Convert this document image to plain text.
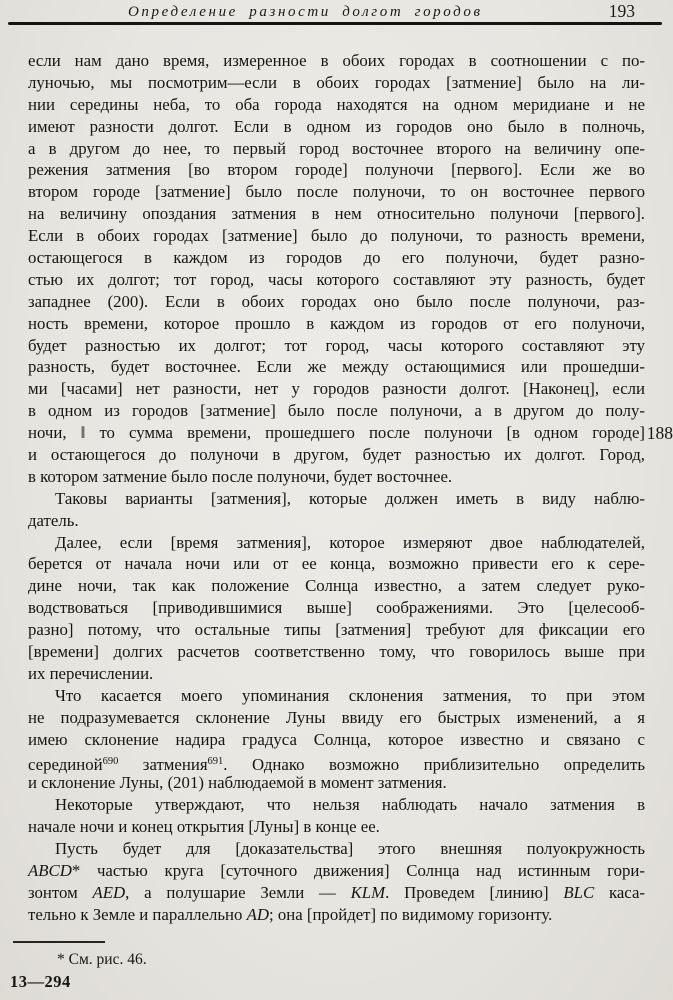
Определение разности долгот городов	193
если нам дано время, измеренное в обоих городах в соотношении с по-
луночью, мы посмотрим—если в обоих городах [затмение] было на ли-
нии середины неба, то оба города находятся на одном меридиане и не
имеют разности долгот. Если в одном из городов оно было в полночь,
а в другом до нее, то первый город восточнее второго на величину опе-
режения затмения [во втором городе] полуночи [первого]. Если же во
втором городе [затмение] было после полуночи, то он восточнее первого
на величину опоздания затмения в нем относительно полуночи [первого].
Если в обоих городах [затмение] было до полуночи, то разность времени,
остающегося в каждом из городов до его полуночи, будет разно-
стью их долгот; тот город, часы которого составляют эту разность, будет
западнее (200). Если в обоих городах оно было после полуночи, раз-
ность времени, которое прошло в каждом из городов от его полуночи,
будет разностью их долгот; тот город, часы которого составляют эту
разность, будет восточнее. Если же между остающимися или прошедши-
ми [часами] нет разности, нет у городов разности долгот. [Наконец], если
в одном из городов [затмение] было после полуночи, а в другом до полу-
ночи, ‖ то сумма времени, прошедшего после полуночи [в одном городе] 188
и остающегося до полуночи в другом, будет разностью их долгот. Город,
в котором затмение было после полуночи, будет восточнее.
Таковы варианты [затмения], которые должен иметь в виду наблю-
датель.
Далее, если [время затмения], которое измеряют двое наблюдателей,
берется от начала ночи или от ее конца, возможно привести его к сере-
дине ночи, так как положение Солнца известно, а затем следует руко-
водствоваться [приводившимися выше] соображениями. Это [целесооб-
разно] потому, что остальные типы [затмения] требуют для фиксации его
[времени] долгих расчетов соответственно тому, что говорилось выше при
их перечислении.
Что касается моего упоминания склонения затмения, то при этом
не подразумевается склонение Луны ввиду его быстрых изменений, а я
имею склонение надира градуса Солнца, которое известно и связано с
серединой$^{690}$ затмения$^{691}$. Однако возможно приблизительно определить
и склонение Луны, (201) наблюдаемой в момент затмения.
Некоторые утверждают, что нельзя наблюдать начало затмения в
начале ночи и конец открытия [Луны] в конце ее.
Пусть будет для [доказательства] этого внешняя полуокружность
ABCD* частью круга [суточного движения] Солнца над истинным гори-
зонтом AED, а полушарие Земли — KLM. Проведем [линию] BLC каса-
тельно к Земле и параллельно AD; она [пройдет] по видимому горизонту.
* См. рис. 46.
13—294
